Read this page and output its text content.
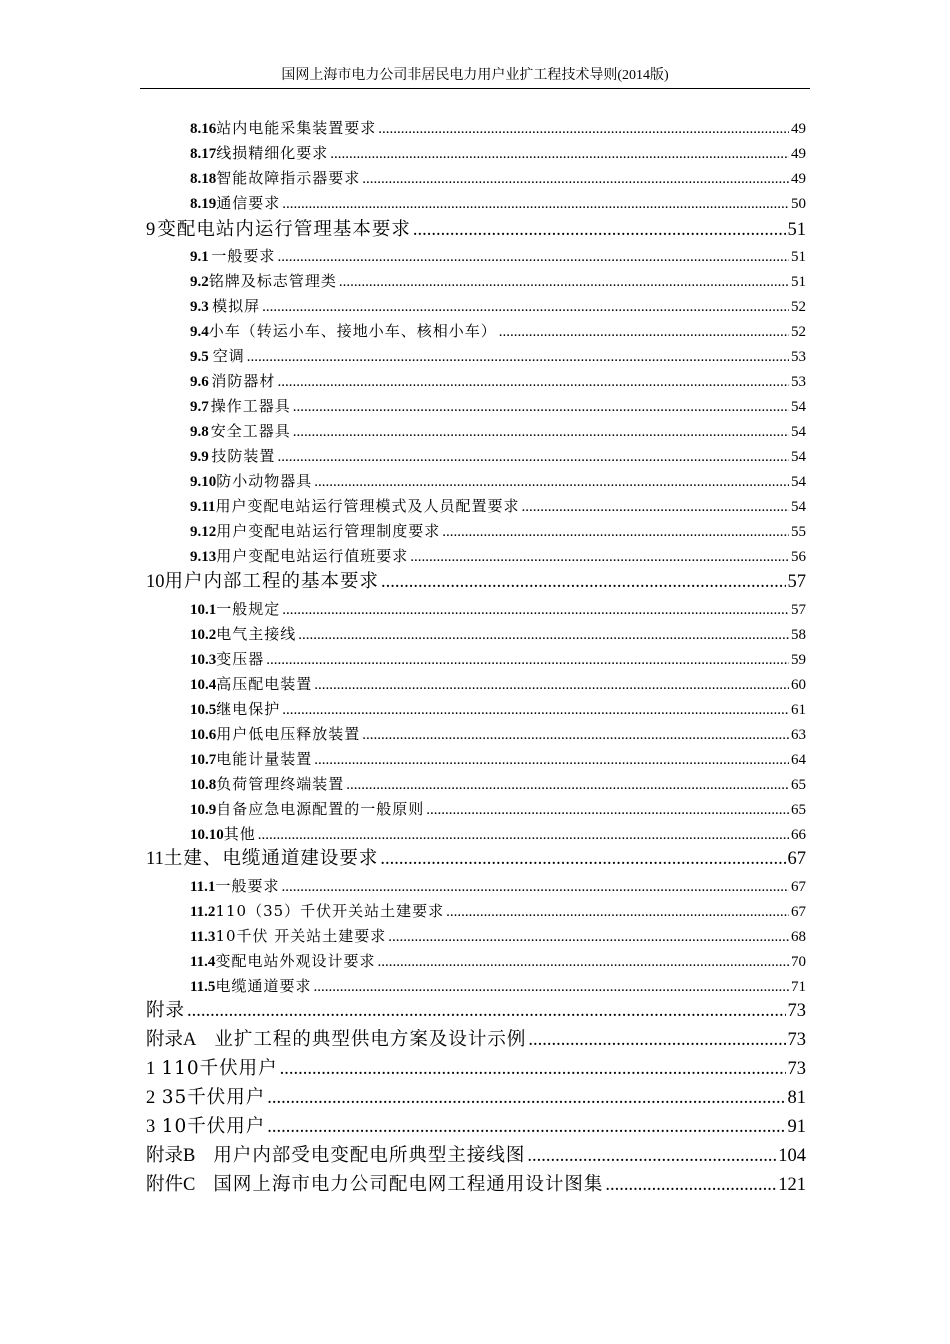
国网上海市电力公司非居民电力用户业扩工程技术导则(2014版)
8.16 站内电能采集装置要求 .....	49
8.17 线损精细化要求 .....	49
8.18 智能故障指示器要求 .....	49
8.19 通信要求 .....	50
9 变配电站内运行管理基本要求 .....	51
9.1 一般要求 .....	51
9.2 铭牌及标志管理类 .....	51
9.3 模拟屏 .....	52
9.4 小车（转运小车、接地小车、核相小车） .....	52
9.5 空调 .....	53
9.6 消防器材 .....	53
9.7 操作工器具 .....	54
9.8 安全工器具 .....	54
9.9 技防装置 .....	54
9.10 防小动物器具 .....	54
9.11 用户变配电站运行管理模式及人员配置要求 .....	54
9.12 用户变配电站运行管理制度要求 .....	55
9.13 用户变配电站运行值班要求 .....	56
10 用户内部工程的基本要求 .....	57
10.1 一般规定 .....	57
10.2 电气主接线 .....	58
10.3 变压器 .....	59
10.4 高压配电装置 .....	60
10.5 继电保护 .....	61
10.6 用户低电压释放装置 .....	63
10.7 电能计量装置 .....	64
10.8 负荷管理终端装置 .....	65
10.9 自备应急电源配置的一般原则 .....	65
10.10 其他 .....	66
11 土建、电缆通道建设要求 .....	67
11.1 一般要求 .....	67
11.2 110（35）千伏开关站土建要求 .....	67
11.3 10千伏 开关站土建要求 .....	68
11.4 变配电站外观设计要求 .....	70
11.5 电缆通道要求 .....	71
附录 .....	73
附录A 业扩工程的典型供电方案及设计示例 .....	73
1 110千伏用户 .....	73
2 35千伏用户 .....	81
3 10千伏用户 .....	91
附录B 用户内部受电变配电所典型主接线图 .....	104
附件C 国网上海市电力公司配电网工程通用设计图集 .....	121
